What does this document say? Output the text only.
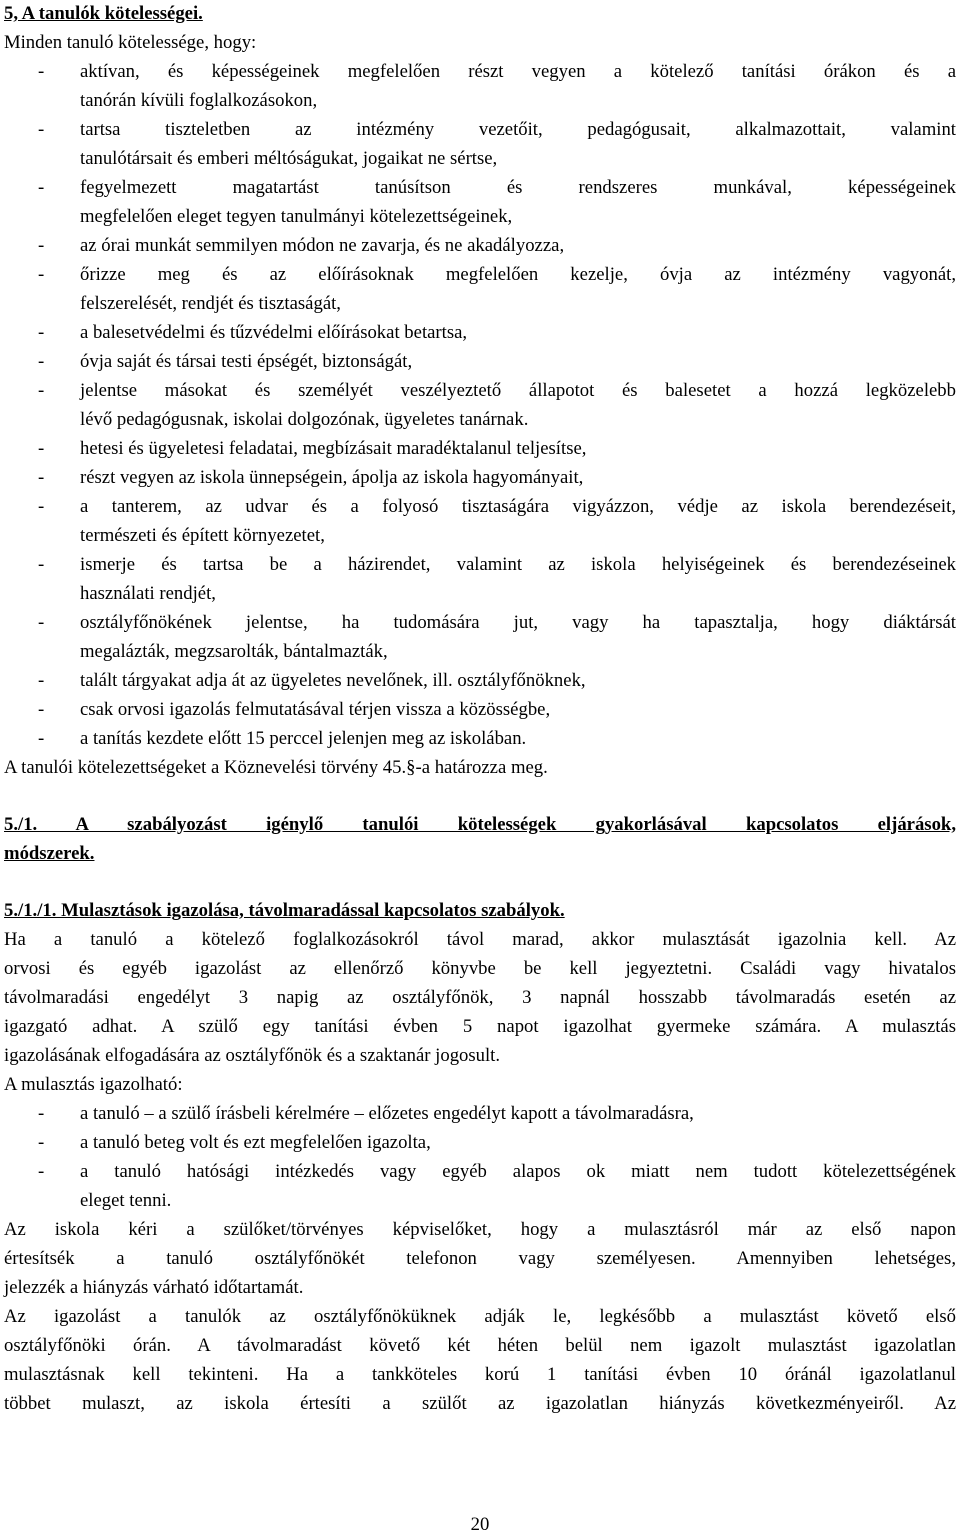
5, A tanulók kötelességei.
Minden tanuló kötelessége, hogy:
-	aktívan, és képességeinek megfelelően részt vegyen a kötelező tanítási órákon és a
tanórán kívüli foglalkozásokon,
-	tartsa tiszteletben az intézmény vezetőit, pedagógusait, alkalmazottait, valamint
tanulótársait és emberi méltóságukat, jogaikat ne sértse,
-	fegyelmezett magatartást tanúsítson és rendszeres munkával, képességeinek
megfelelően eleget tegyen tanulmányi kötelezettségeinek,
-	az órai munkát semmilyen módon ne zavarja, és ne akadályozza,
-	őrizze meg és az előírásoknak megfelelően kezelje, óvja az intézmény vagyonát,
felszerelését, rendjét és tisztaságát,
-	a balesetvédelmi és tűzvédelmi előírásokat betartsa,
-	óvja saját és társai testi épségét, biztonságát,
-	jelentse másokat és személyét veszélyeztető állapotot és balesetet a hozzá legközelebb
lévő pedagógusnak, iskolai dolgozónak, ügyeletes tanárnak.
-	hetesi és ügyeletesi feladatai, megbízásait maradéktalanul teljesítse,
-	részt vegyen az iskola ünnepségein, ápolja az iskola hagyományait,
-	a tanterem, az udvar és a folyosó tisztaságára vigyázzon, védje az iskola berendezéseit,
természeti és épített környezetet,
-	ismerje és tartsa be a házirendet, valamint az iskola helyiségeinek és berendezéseinek
használati rendjét,
-	osztályfőnökének jelentse, ha tudomására jut, vagy ha tapasztalja, hogy diáktársát
megalázták, megzsarolták, bántalmazták,
-	talált tárgyakat adja át az ügyeletes nevelőnek, ill. osztályfőnöknek,
-	csak orvosi igazolás felmutatásával térjen vissza a közösségbe,
-	a tanítás kezdete előtt 15 perccel jelenjen meg az iskolában.
A tanulói kötelezettségeket a Köznevelési törvény 45.§-a határozza meg.
5./1. A szabályozást igénylő tanulói kötelességek gyakorlásával kapcsolatos eljárások,
módszerek.
5./1./1. Mulasztások igazolása, távolmaradással kapcsolatos szabályok.
Ha a tanuló a kötelező foglalkozásokról távol marad, akkor mulasztását igazolnia kell. Az
orvosi és egyéb igazolást az ellenőrző könyvbe be kell jegyeztetni. Családi vagy hivatalos
távolmaradási engedélyt 3 napig az osztályfőnök, 3 napnál hosszabb távolmaradás esetén az
igazgató adhat. A szülő egy tanítási évben 5 napot igazolhat gyermeke számára. A mulasztás
igazolásának elfogadására az osztályfőnök és a szaktanár jogosult.
A mulasztás igazolható:
-	a tanuló – a szülő írásbeli kérelmére – előzetes engedélyt kapott a távolmaradásra,
-	a tanuló beteg volt és ezt megfelelően igazolta,
-	a tanuló hatósági intézkedés vagy egyéb alapos ok miatt nem tudott kötelezettségének
eleget tenni.
Az iskola kéri a szülőket/törvényes képviselőket, hogy a mulasztásról már az első napon
értesítsék a tanuló osztályfőnökét telefonon vagy személyesen. Amennyiben lehetséges,
jelezzék a hiányzás várható időtartamát.
Az igazolást a tanulók az osztályfőnöküknek adják le, legkésőbb a mulasztást követő első
osztályfőnöki órán. A távolmaradást követő két héten belül nem igazolt mulasztást igazolatlan
mulasztásnak kell tekinteni. Ha a tankköteles korú 1 tanítási évben 10 óránál igazolatlanul
többet mulaszt, az iskola értesíti a szülőt az igazolatlan hiányzás következményeiről. Az
20
